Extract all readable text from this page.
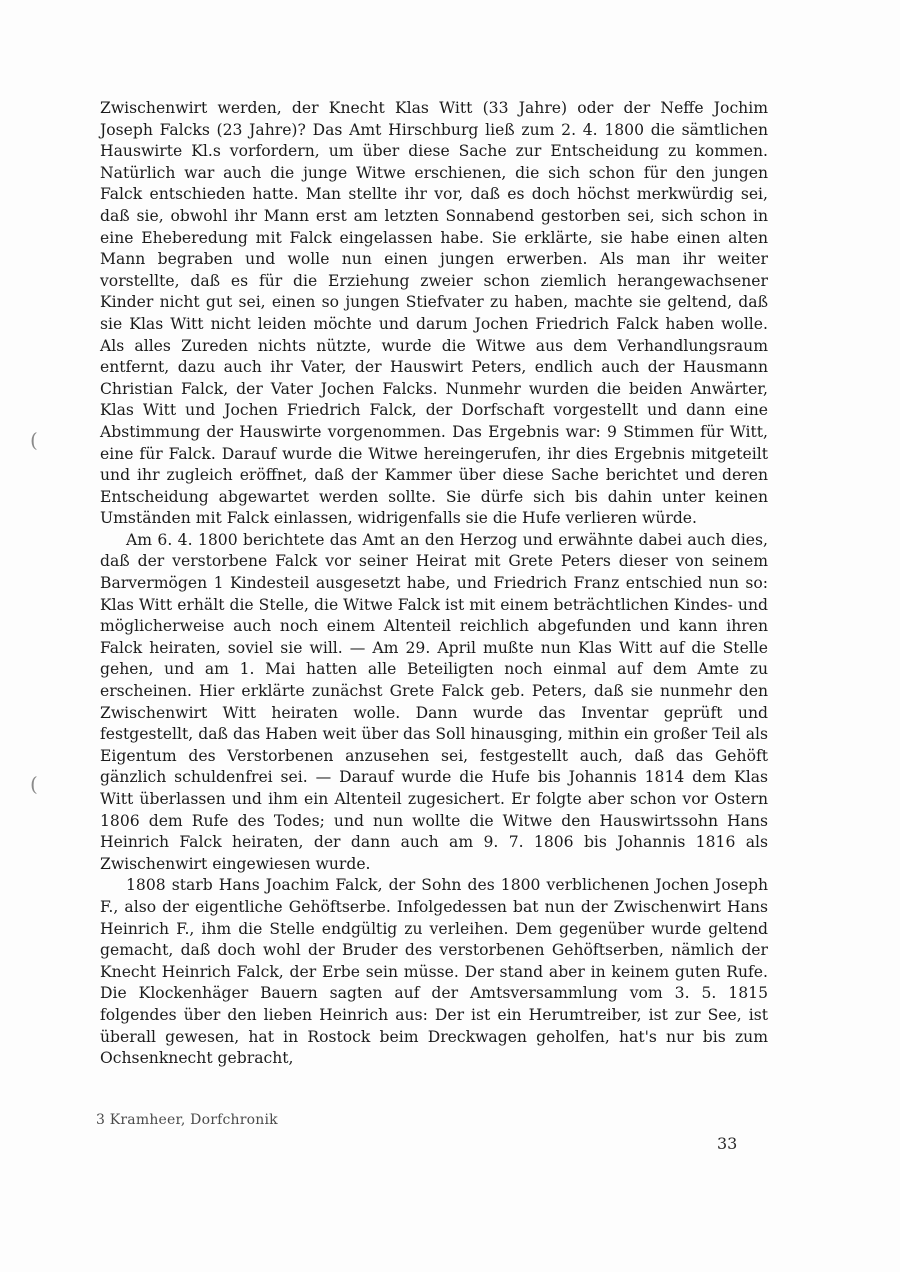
Zwischenwirt werden, der Knecht Klas Witt (33 Jahre) oder der Neffe Jochim Joseph Falcks (23 Jahre)? Das Amt Hirschburg ließ zum 2. 4. 1800 die sämtlichen Hauswirte Kl.s vorfordern, um über diese Sache zur Entscheidung zu kommen. Natürlich war auch die junge Witwe erschienen, die sich schon für den jungen Falck entschieden hatte. Man stellte ihr vor, daß es doch höchst merkwürdig sei, daß sie, obwohl ihr Mann erst am letzten Sonnabend gestorben sei, sich schon in eine Eheberedung mit Falck eingelassen habe. Sie erklärte, sie habe einen alten Mann begraben und wolle nun einen jungen erwerben. Als man ihr weiter vorstellte, daß es für die Erziehung zweier schon ziemlich herangewachsener Kinder nicht gut sei, einen so jungen Stiefvater zu haben, machte sie geltend, daß sie Klas Witt nicht leiden möchte und darum Jochen Friedrich Falck haben wolle. Als alles Zureden nichts nützte, wurde die Witwe aus dem Verhandlungsraum entfernt, dazu auch ihr Vater, der Hauswirt Peters, endlich auch der Hausmann Christian Falck, der Vater Jochen Falcks. Nunmehr wurden die beiden Anwärter, Klas Witt und Jochen Friedrich Falck, der Dorfschaft vorgestellt und dann eine Abstimmung der Hauswirte vorgenommen. Das Ergebnis war: 9 Stimmen für Witt, eine für Falck. Darauf wurde die Witwe hereingerufen, ihr dies Ergebnis mitgeteilt und ihr zugleich eröffnet, daß der Kammer über diese Sache berichtet und deren Entscheidung abgewartet werden sollte. Sie dürfe sich bis dahin unter keinen Umständen mit Falck einlassen, widrigenfalls sie die Hufe verlieren würde.

Am 6. 4. 1800 berichtete das Amt an den Herzog und erwähnte dabei auch dies, daß der verstorbene Falck vor seiner Heirat mit Grete Peters dieser von seinem Barvermögen 1 Kindesteil ausgesetzt habe, und Friedrich Franz entschied nun so: Klas Witt erhält die Stelle, die Witwe Falck ist mit einem beträchtlichen Kindes- und möglicherweise auch noch einem Altenteil reichlich abgefunden und kann ihren Falck heiraten, soviel sie will. — Am 29. April mußte nun Klas Witt auf die Stelle gehen, und am 1. Mai hatten alle Beteiligten noch einmal auf dem Amte zu erscheinen. Hier erklärte zunächst Grete Falck geb. Peters, daß sie nunmehr den Zwischenwirt Witt heiraten wolle. Dann wurde das Inventar geprüft und festgestellt, daß das Haben weit über das Soll hinausging, mithin ein großer Teil als Eigentum des Verstorbenen anzusehen sei, festgestellt auch, daß das Gehöft gänzlich schuldenfrei sei. — Darauf wurde die Hufe bis Johannis 1814 dem Klas Witt überlassen und ihm ein Altenteil zugesichert. Er folgte aber schon vor Ostern 1806 dem Rufe des Todes; und nun wollte die Witwe den Hauswirtssohn Hans Heinrich Falck heiraten, der dann auch am 9. 7. 1806 bis Johannis 1816 als Zwischenwirt eingewiesen wurde.

1808 starb Hans Joachim Falck, der Sohn des 1800 verblichenen Jochen Joseph F., also der eigentliche Gehöftserbe. Infolgedessen bat nun der Zwischenwirt Hans Heinrich F., ihm die Stelle endgültig zu verleihen. Dem gegenüber wurde geltend gemacht, daß doch wohl der Bruder des verstorbenen Gehöftserben, nämlich der Knecht Heinrich Falck, der Erbe sein müsse. Der stand aber in keinem guten Rufe. Die Klockenhäger Bauern sagten auf der Amtsversammlung vom 3. 5. 1815 folgendes über den lieben Heinrich aus: Der ist ein Herumtreiber, ist zur See, ist überall gewesen, hat in Rostock beim Dreckwagen geholfen, hat's nur bis zum Ochsenknecht gebracht,

(
(
3 Kramheer, Dorfchronik
33
